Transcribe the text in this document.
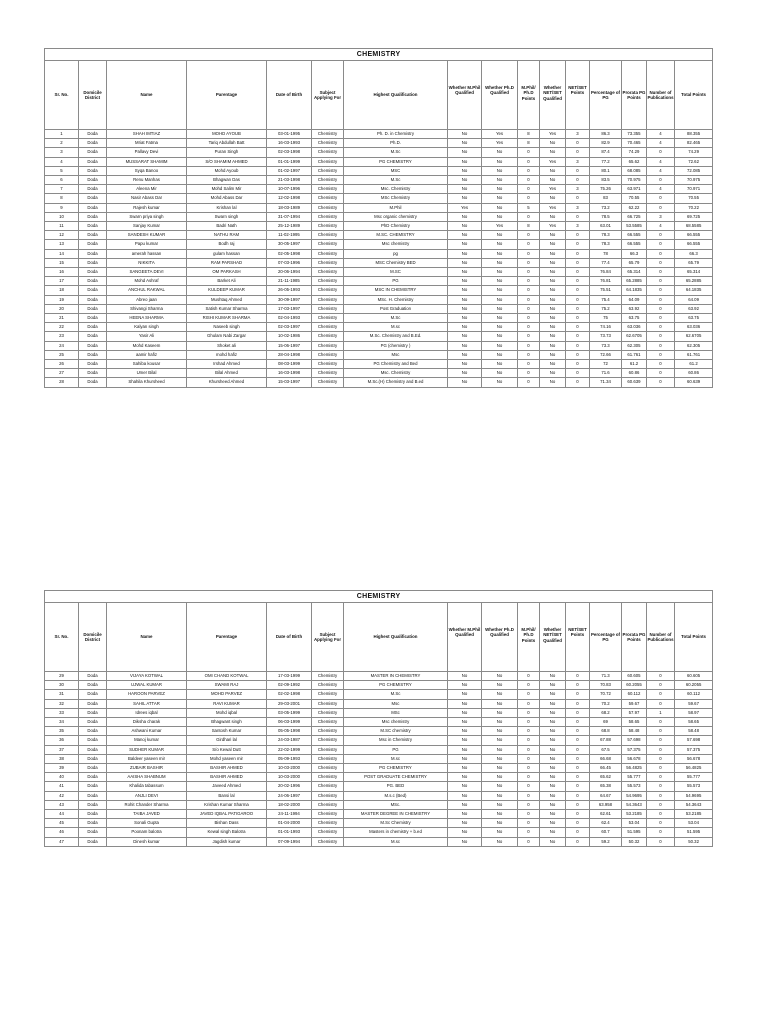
CHEMISTRY															
Sr. No.	Domicile District	Name	Parentage	Date of Birth	Subject Applying For	Highest Qualification	Whether M.Phil Qualified	Whether Ph.D Qualified	M.Phil/ Ph.D Points	Whether NET/SET Qualified	NET/SET Points	Percentage of PG	Prorata PG Points	Number of Publications	Total Points
1	Doda	SHAH IMTIAZ	MOHD AYOUB	03-01-1995	Chemistry	Ph. D. in Chemistry	No	Yes	8	Yes	3	86.3	73.355	4	88.355
2	Doda	Mriat Fatma	Tariq Abdullah Batt	16-03-1993	Chemistry	Ph.D.	No	Yes	8	No	0	82.9	70.465	4	82.465
3	Doda	Pallavy Devi	Puran Singh	02-03-1998	Chemistry	M.Sc	No	No	0	No	0	87.4	74.29	0	74.29
4	Doda	MUSSARAT SHAMIM	S/O SHAMIM AHMED	01-01-1999	Chemistry	PG CHEMISTRY	No	No	0	Yes	3	77.2	65.62	4	72.62
5	Doda	Syqa Banoo	Mohd Ayoub	01-02-1997	Chemistry	MSC	No	No	0	No	0	80.1	68.085	4	72.085
6	Doda	Renu Manhas	Bhagwan Das	21-03-1998	Chemistry	M.Sc	No	No	0	No	0	83.5	70.975	0	70.975
7	Doda	Aleena Mir	Mohd Salim Mir	10-07-1996	Chemistry	Msc. Chemistry	No	No	0	Yes	3	75.26	63.971	4	70.971
8	Doda	Nasir Abass Dar	Mohd Abass Dar	12-02-1998	Chemistry	MSc Chemistry	No	No	0	No	0	83	70.55	0	70.55
9	Doda	Rajesh kumar	Krishan lal	18-03-1989	Chemistry	M.Phil	Yes	No	5	Yes	3	73.2	62.22	0	70.22
10	Doda	Swarn priya singh	Swarn singh	31-07-1994	Chemistry	Msc organic chemistry	No	No	0	No	0	78.5	66.725	3	69.725
11	Doda	Sanjay Kumar	Badri Nath	25-12-1989	Chemistry	PhD Chemistry	No	Yes	8	Yes	3	63.01	53.5585	4	68.5585
12	Doda	SANDESH KUMAR	NATHU RAM	11-02-1995	Chemistry	M.SC. CHEMISTRY	No	No	0	No	0	78.3	66.555	0	66.555
13	Doda	Papu kumar	Bodh raj	30-05-1997	Chemistry	Msc chemistry	No	No	0	No	0	78.3	66.555	0	66.555
14	Doda	amerah hassan	gulam hassan	02-05-1998	Chemistry	pg	No	No	0	No	0	78	66.3	0	66.3
15	Doda	NIKKITA	RAM PARSHAD	07-03-1996	Chemistry	MSC Chemistry BED	No	No	0	No	0	77.4	65.79	0	65.79
16	Doda	SANGEETA DEVI	OM PARKASH	20-06-1994	Chemistry	M.SC	No	No	0	No	0	76.84	65.314	0	65.314
17	Doda	Mohd Ashraf	Barket Ali	21-11-1985	Chemistry	PG	No	No	0	No	0	76.81	65.2885	0	65.2885
18	Doda	ANCHUL RAKWAL	KULDEEP KUMAR	26-05-1993	Chemistry	MSC IN CHEMISTRY	No	No	0	No	0	75.51	64.1835	0	64.1835
19	Doda	Abreo jaan	Mushtaq Ahmed	30-09-1997	Chemistry	MSc. H. Chemistry	No	No	0	No	0	75.4	64.09	0	64.09
20	Doda	Shivangi Sharma	Satish Kumar Sharma	17-03-1997	Chemistry	Post Graduation	No	No	0	No	0	75.2	63.92	0	63.92
21	Doda	HEENA SHARMA	RISHI KUMAR SHARMA	02-04-1993	Chemistry	M.Sc	No	No	0	No	0	75	63.75	0	63.75
22	Doda	Kalyan singh	Naseeb singh	02-03-1997	Chemistry	M.sc	No	No	0	No	0	74.16	63.036	0	63.036
23	Doda	Yasir Ali	Ghulam Nabi Zargar	10-02-1986	Chemistry	M.Sc. Chemistry and B.Ed.	No	No	0	No	0	73.73	62.6705	0	62.6705
24	Doda	Mohd Kaseem	Shoket ali	15-06-1997	Chemistry	PG (chemistry )	No	No	0	No	0	73.3	62.305	0	62.305
25	Doda	aamir hafiz	mohd hafiz	28-04-1998	Chemistry	Msc	No	No	0	No	0	72.66	61.761	0	61.761
26	Doda	Sahiba kousar	Irshad Ahmed	08-03-1999	Chemistry	PG Chemistry and Bed	No	No	0	No	0	72	61.2	0	61.2
27	Doda	Umer Bilal	Bilal Ahmed	16-03-1998	Chemistry	Msc. Chemistry	No	No	0	No	0	71.6	60.86	0	60.86
28	Doda	Shahila Khursheed	Khursheed Ahmed	15-03-1997	Chemistry	M.Sc.(H) Chemistry and B.ed	No	No	0	No	0	71.34	60.639	0	60.639
CHEMISTRY															
Sr. No.	Domicile District	Name	Parentage	Date of Birth	Subject Applying For	Highest Qualification	Whether M.Phil Qualified	Whether Ph.D Qualified	M.Phil/ Ph.D Points	Whether NET/SET Qualified	NET/SET Points	Percentage of PG	Prorata PG Points	Number of Publications	Total Points
29	Doda	VIJAYA KOTWAL	OMI CHAND KOTWAL	17-03-1999	Chemistry	MASTER IN CHEMISTRY	No	No	0	No	0	71.3	60.605	0	60.605
30	Doda	UJWAL KUMAR	SWAMI RAJ	02-09-1992	Chemistry	PG CHEMISTRY	No	No	0	No	0	70.83	60.2055	0	60.2055
31	Doda	HAROON PARVEZ	MOHD PARVEZ	02-02-1998	Chemistry	M.Sc	No	No	0	No	0	70.72	60.112	0	60.112
32	Doda	SAHIL ATTAR	RAVI KUMAR	29-03-2001	Chemistry	Msc	No	No	0	No	0	70.2	59.67	0	59.67
33	Doda	Idrees iqbal	Mohd iqbal	03-05-1999	Chemistry	MSc	No	No	0	No	0	68.2	57.97	1	58.97
34	Doda	Diksha charak	Bhagwant singh	06-03-1999	Chemistry	Msc chemistry	No	No	0	No	0	69	58.65	0	58.65
35	Doda	Ashwani Kumar	Santosh Kumar	05-05-1998	Chemistry	M.SC chemistry	No	No	0	No	0	68.8	58.48	0	58.48
36	Doda	Manoj kumar	Girdhari lal	24-03-1987	Chemistry	Msc in Chemistry	No	No	0	No	0	67.88	57.698	0	57.698
37	Doda	SUDHER KUMAR	S/o Kewal Dutt	22-02-1999	Chemistry	PG	No	No	0	No	0	67.5	57.375	0	57.375
38	Doda	Baldeer yaseen mir	Mohd yaseen mir	05-09-1993	Chemistry	M.sc	No	No	0	No	0	66.68	56.678	0	56.678
39	Doda	ZUBAIR BASHIR	BASHIR AHMED	10-03-2000	Chemistry	PG CHEMISTRY	No	No	0	No	0	66.45	56.4825	0	56.4825
40	Doda	AAISHA SHABNUM	BASHIR AHMED	10-03-2000	Chemistry	POST GRADUATE CHEMISTRY	No	No	0	No	0	65.62	55.777	0	55.777
41	Doda	Khalida tabassum	Javeed Ahmed	20-02-1996	Chemistry	PG. BED	No	No	0	No	0	65.38	55.573	0	55.573
42	Doda	ANJLI DEVI	Bansi lal	24-06-1997	Chemistry	M.s.c (Bed)	No	No	0	No	0	64.67	54.9695	0	54.9695
43	Doda	Rohit Chander Sharma	Krishan Kumar Sharma	18-02-2000	Chemistry	MSc.	No	No	0	No	0	63.958	54.3643	0	54.3643
44	Doda	TAIBA JAVED	JAVED IQBAL PATIGAROO	24-11-1994	Chemistry	MASTER DEGREE IN CHEMISTRY	No	No	0	No	0	62.61	53.2185	0	53.2185
45	Doda	Sonali Gupta	Bishan Dass	01-04-2000	Chemistry	M.Sc Chemistry	No	No	0	No	0	62.4	53.04	0	53.04
46	Doda	Poonam balotra	Kewal singh Balotra	01-01-1993	Chemistry	Masters in chemistry + b.ed	No	No	0	No	0	60.7	51.595	0	51.595
47	Doda	Dinesh kumar	Jagdish kumar	07-09-1994	Chemistry	M.sc	No	No	0	No	0	59.2	50.32	0	50.32
